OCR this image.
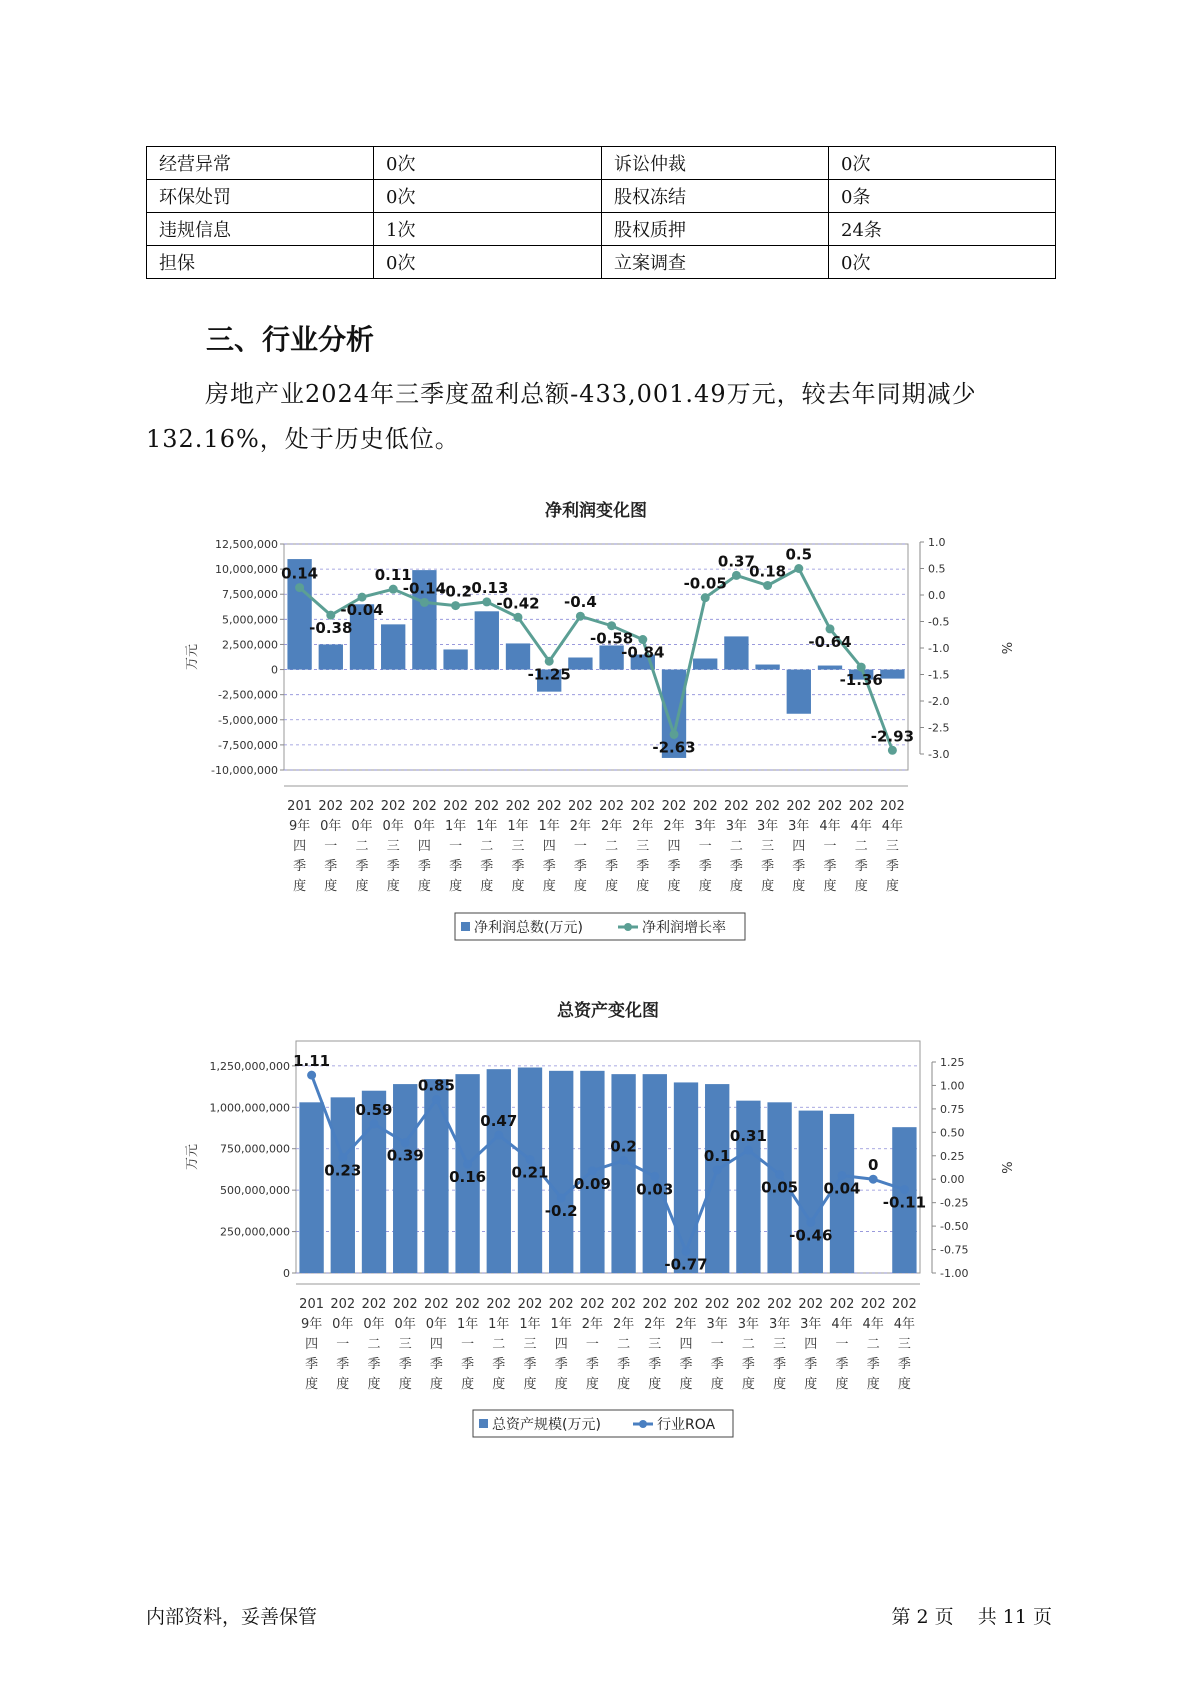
经营异常	0次	诉讼仲裁	0次
环保处罚	0次	股权冻结	0条
违规信息	1次	股权质押	24条
担保	0次	立案调查	0次
三、行业分析

房地产业2024年三季度盈利总额-433,001.49万元，较去年同期减少132.16%，处于历史低位。

净利润变化图
-10,000,000
-7,500,000
-5,000,000
-2,500,000
0
2,500,000
5,000,000
7,500,000
10,000,000
12,500,000
-3.0
-2.5
-2.0
-1.5
-1.0
-0.5
0.0
0.5
1.0
万元	%
0.14
-0.38
-0.04
0.11
-0.14
-0.2
-0.13
-0.42
-1.25
-0.4
-0.58
-0.84
-2.63
-0.05
0.37
0.18
0.5
-0.64
-1.36
-2.93
201
9年
四
季
度
202
0年
一
季
度
202
0年
二
季
度
202
0年
三
季
度
202
0年
四
季
度
202
1年
一
季
度
202
1年
二
季
度
202
1年
三
季
度
202
1年
四
季
度
202
2年
一
季
度
202
2年
二
季
度
202
2年
三
季
度
202
2年
四
季
度
202
3年
一
季
度
202
3年
二
季
度
202
3年
三
季
度
202
3年
四
季
度
202
4年
一
季
度
202
4年
二
季
度
202
4年
三
季
度
净利润总数(万元)	净利润增长率
总资产变化图
0
250,000,000
500,000,000
750,000,000
1,000,000,000
1,250,000,000
-1.00
-0.75
-0.50
-0.25
0.00
0.25
0.50
0.75
1.00
1.25
万元	%
1.11
0.23
0.59
0.39
0.85
0.16
0.47
0.21
-0.2
0.09
0.2
0.03
-0.77
0.1
0.31
0.05
-0.46
0.04
0
-0.11
201
9年
四
季
度
202
0年
一
季
度
202
0年
二
季
度
202
0年
三
季
度
202
0年
四
季
度
202
1年
一
季
度
202
1年
二
季
度
202
1年
三
季
度
202
1年
四
季
度
202
2年
一
季
度
202
2年
二
季
度
202
2年
三
季
度
202
2年
四
季
度
202
3年
一
季
度
202
3年
二
季
度
202
3年
三
季
度
202
3年
四
季
度
202
4年
一
季
度
202
4年
二
季
度
202
4年
三
季
度
总资产规模(万元)	行业ROA
内部资料，妥善保管	第 2 页 共 11 页
